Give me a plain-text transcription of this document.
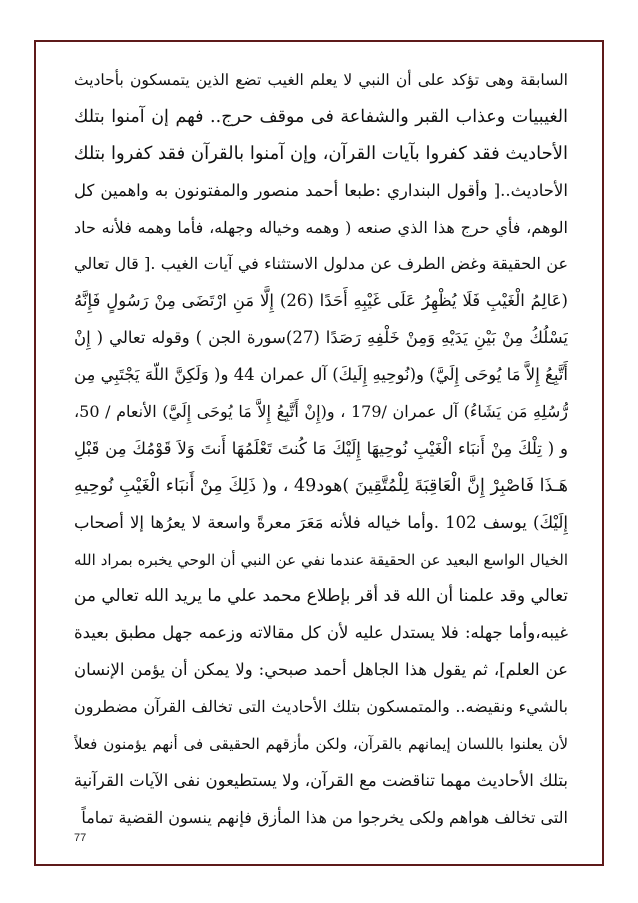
السابقة وهى تؤكد على أن النبي لا يعلم الغيب تضع الذين يتمسكون بأحاديث
الغيبيات وعذاب القبر والشفاعة فى موقف حرج.. فهم إن آمنوا بتلك
الأحاديث فقد كفروا بآيات القرآن، وإن آمنوا بالقرآن فقد كفروا بتلك
الأحاديث..[ وأقول البنداري :طبعا أحمد منصور والمفتونون به واهمين كل
الوهم، فأي حرج هذا الذي صنعه ( وهمه وخياله وجهله، فأما وهمه فلأنه حاد
عن الحقيقة وغض الطرف عن مدلول الاستثناء في آيات الغيب .[ قال تعالي
(عَالِمُ الْغَيْبِ فَلَا يُظْهِرُ عَلَى غَيْبِهِ أَحَدًا (26) إِلَّا مَنِ ارْتَضَى مِنْ رَسُولٍ فَإِنَّهُ
يَسْلُكُ مِنْ بَيْنِ يَدَيْهِ وَمِنْ خَلْفِهِ رَصَدًا (27)سورة الجن ) وقوله تعالي ( إِنْ
أَتَّبِعُ إِلاَّ مَا يُوحَى إِلَيَّ) و(نُوحِيهِ إِلَيكَ) آل عمران 44 و( وَلَكِنَّ اللّهَ يَجْتَبِي مِن
رُّسُلِهِ مَن يَشَاءُ) آل عمران /179 ، و(إِنْ أَتَّبِعُ إِلاَّ مَا يُوحَى إِلَيَّ) الأنعام / 50،
و ( تِلْكَ مِنْ أَنبَاء الْغَيْبِ نُوحِيهَا إِلَيْكَ مَا كُنتَ تَعْلَمُهَا أَنتَ وَلاَ قَوْمُكَ مِن قَبْلِ
هَـذَا فَاصْبِرْ إِنَّ الْعَاقِبَةَ لِلْمُتَّقِينَ )هود49 ، و( ذَلِكَ مِنْ أَنبَاء الْغَيْبِ نُوحِيهِ
إِلَيْكَ) يوسف 102 .وأما خياله فلأنه مَعَرَ معرةً واسعة لا يعرُها إلا أصحاب
الخيال الواسع البعيد عن الحقيقة عندما نفي عن النبي أن الوحي يخبره بمراد الله
تعالي وقد علمنا أن الله قد أقر بإطلاع محمد علي ما يريد الله تعالي من
غيبه،وأما جهله: فلا يستدل عليه لأن كل مقالاته وزعمه جهل مطبق بعيدة
عن العلم]، ثم يقول هذا الجاهل أحمد صبحي: ولا يمكن أن يؤمن الإنسان
بالشيء ونقيضه.. والمتمسكون بتلك الأحاديث التى تخالف القرآن مضطرون
لأن يعلنوا باللسان إيمانهم بالقرآن، ولكن مأزقهم الحقيقى فى أنهم يؤمنون فعلاً
بتلك الأحاديث مهما تناقضت مع القرآن، ولا يستطيعون نفى الآيات القرآنية
التى تخالف هواهم ولكى يخرجوا من هذا المأزق فإنهم ينسون القضية تماماً
77
